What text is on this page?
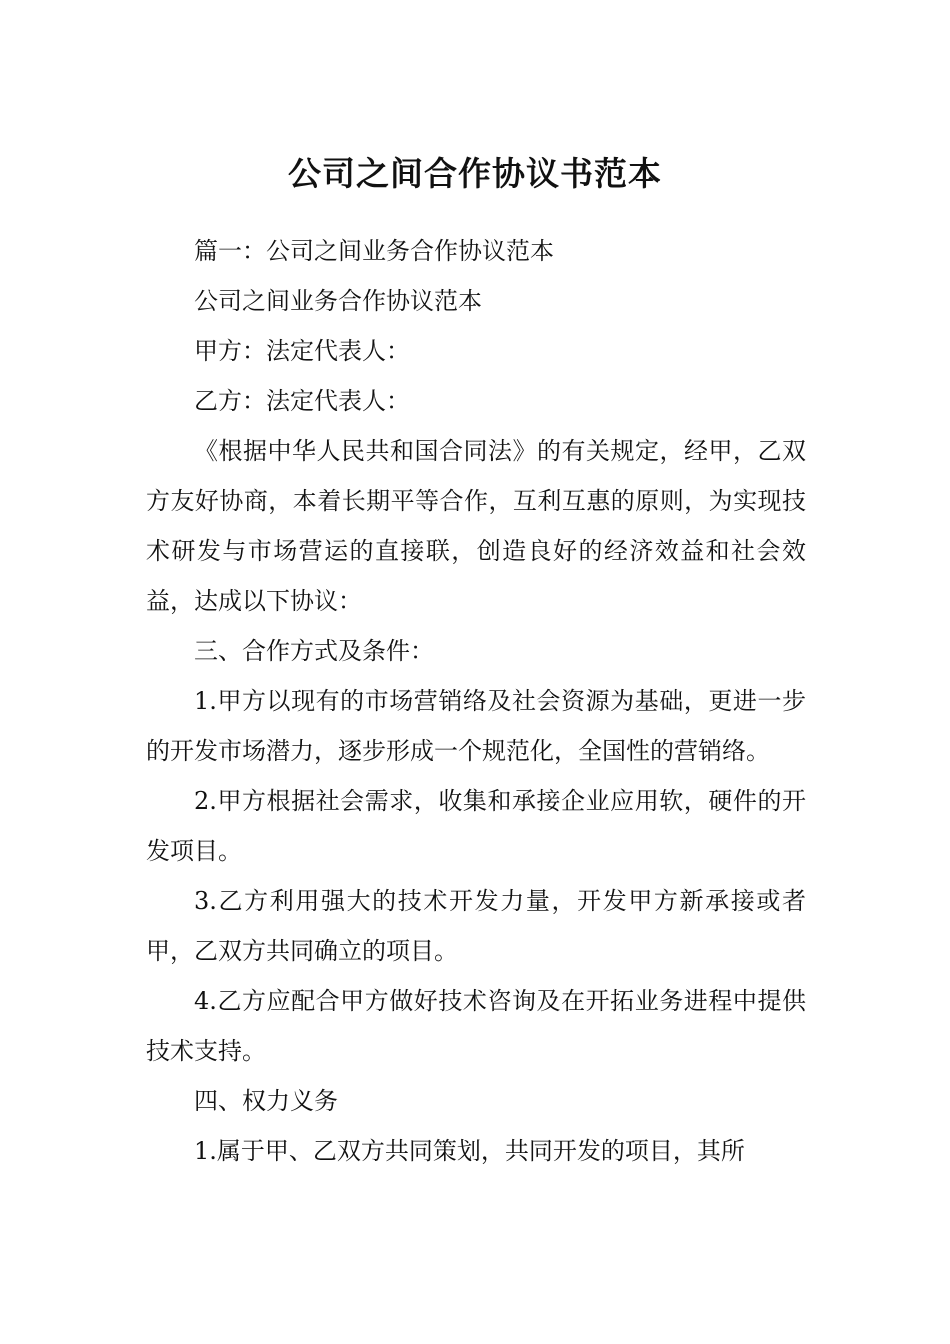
公司之间合作协议书范本

篇一：公司之间业务合作协议范本

公司之间业务合作协议范本

甲方：法定代表人：

乙方：法定代表人：

《根据中华人民共和国合同法》的有关规定，经甲，乙双方友好协商，本着长期平等合作，互利互惠的原则，为实现技术研发与市场营运的直接联，创造良好的经济效益和社会效益，达成以下协议：

三、合作方式及条件：

1.甲方以现有的市场营销络及社会资源为基础，更进一步的开发市场潜力，逐步形成一个规范化，全国性的营销络。

2.甲方根据社会需求，收集和承接企业应用软，硬件的开发项目。

3.乙方利用强大的技术开发力量，开发甲方新承接或者甲，乙双方共同确立的项目。

4.乙方应配合甲方做好技术咨询及在开拓业务进程中提供技术支持。

四、权力义务

1.属于甲、乙双方共同策划，共同开发的项目，其所
